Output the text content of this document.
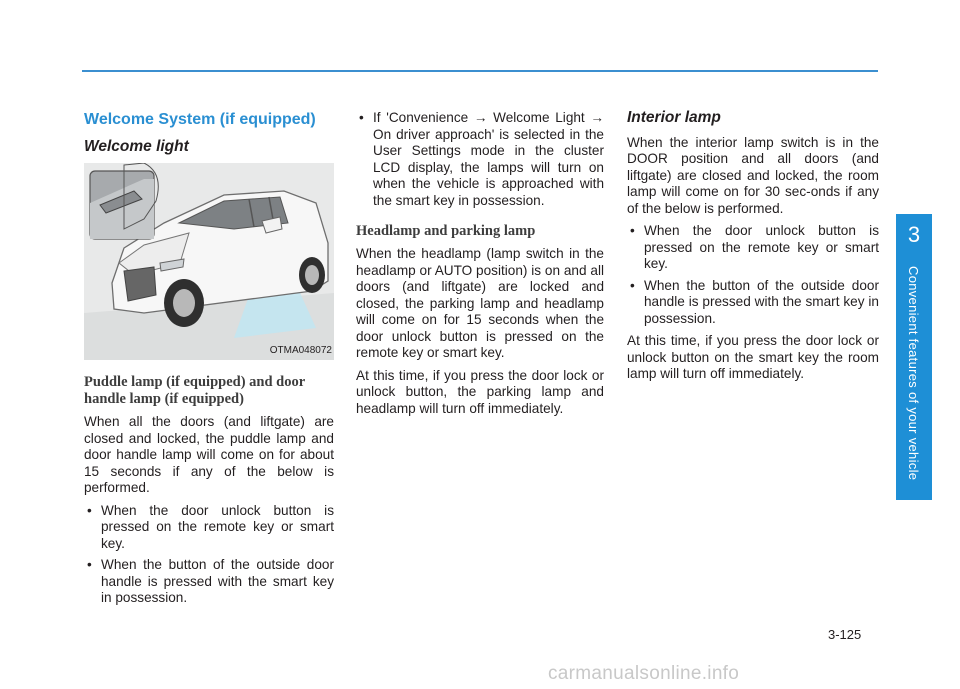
3
Convenient features of your vehicle
Welcome System (if equipped)
Welcome light
OTMA048072
Puddle lamp (if equipped) and door handle lamp (if equipped)

When all the doors (and liftgate) are closed and locked, the puddle lamp and door handle lamp will come on for about 15 seconds if any of the below is performed.

• When the door unlock button is pressed on the remote key or smart key.
• When the button of the outside door handle is pressed with the smart key in possession.
• If 'Convenience → Welcome Light → On driver approach' is selected in the User Settings mode in the cluster LCD display, the lamps will turn on when the vehicle is approached with the smart key in possession.
Headlamp and parking lamp

When the headlamp (lamp switch in the headlamp or AUTO position) is on and all doors (and liftgate) are locked and closed, the parking lamp and headlamp will come on for 15 seconds when the door unlock button is pressed on the remote key or smart key.

At this time, if you press the door lock or unlock button, the parking lamp and headlamp will turn off immediately.

Interior lamp

When the interior lamp switch is in the DOOR position and all doors (and liftgate) are closed and locked, the room lamp will come on for 30 sec-onds if any of the below is performed.

• When the door unlock button is pressed on the remote key or smart key.
• When the button of the outside door handle is pressed with the smart key in possession.

At this time, if you press the door lock or unlock button on the smart key the room lamp will turn off immediately.

3-125
carmanualsonline.info
